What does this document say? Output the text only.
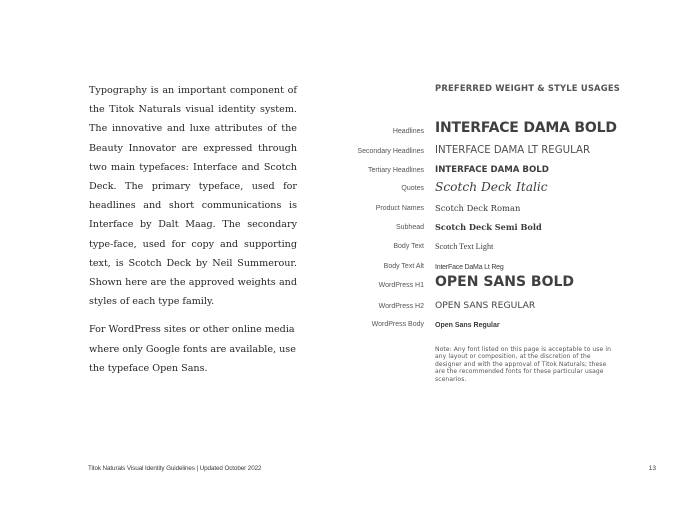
Typography is an important component of the Titok Naturals visual identity system. The innovative and luxe attributes of the Beauty Innovator are expressed through two main typefaces: Interface and Scotch Deck. The primary typeface, used for headlines and short communications is Interface by Dalt Maag. The secondary type-face, used for copy and supporting text, is Scotch Deck by Neil Summerour. Shown here are the approved weights and styles of each type family.

For WordPress sites or other online media where only Google fonts are available, use the typeface Open Sans.

PREFERRED WEIGHT & STYLE USAGES
Headlines INTERFACE DAMA BOLD
Secondary Headlines INTERFACE DAMA LT REGULAR
Tertiary Headlines INTERFACE DAMA BOLD
Quotes Scotch Deck Italic
Product Names Scotch Deck Roman
Subhead Scotch Deck Semi Bold
Body Text Scotch Text Light
Body Text Alt InterFace DaMa Lt Reg
WordPress H1 OPEN SANS BOLD
WordPress H2 OPEN SANS REGULAR
WordPress Body Open Sans Regular
Note: Any font listed on this page is acceptable to use in any layout or composition, at the discretion of the designer and with the approval of Titok Naturals; these are the recommended fonts for these particular usage scenarios.
Titok Naturals Visual Identity Guidelines | Updated October 2022	13
